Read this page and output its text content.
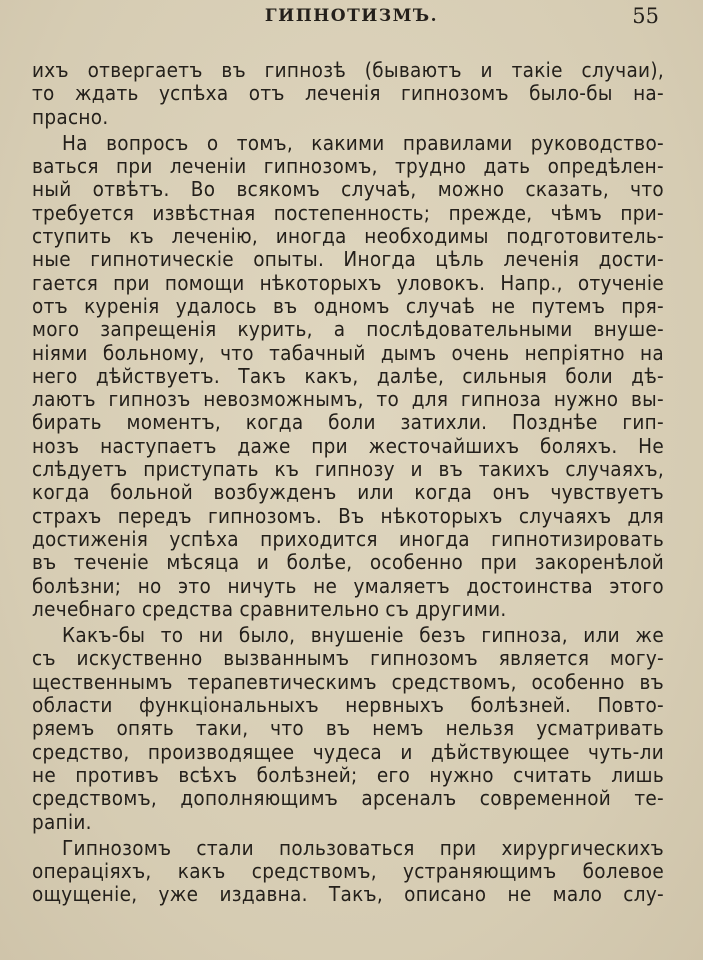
ГИПНОТИЗМЪ.	55
ихъ отвергаетъ въ гипнозѣ (бываютъ и такіе случаи),
то ждать успѣха отъ леченія гипнозомъ было-бы на-
прасно.
На вопросъ о томъ, какими правилами руководство-
ваться при леченіи гипнозомъ, трудно дать опредѣлен-
ный отвѣтъ. Во всякомъ случаѣ, можно сказать, что
требуется извѣстная постепенность; прежде, чѣмъ при-
ступить къ леченію, иногда необходимы подготовитель-
ные гипнотическіе опыты. Иногда цѣль леченія дости-
гается при помощи нѣкоторыхъ уловокъ. Напр., отученіе
отъ куренія удалось въ одномъ случаѣ не путемъ пря-
мого запрещенія курить, а послѣдовательными внуше-
ніями больному, что табачный дымъ очень непріятно на
него дѣйствуетъ. Такъ какъ, далѣе, сильныя боли дѣ-
лаютъ гипнозъ невозможнымъ, то для гипноза нужно вы-
бирать моментъ, когда боли затихли. Позднѣе гип-
нозъ наступаетъ даже при жесточайшихъ боляхъ. Не
слѣдуетъ приступать къ гипнозу и въ такихъ случаяхъ,
когда больной возбужденъ или когда онъ чувствуетъ
страхъ передъ гипнозомъ. Въ нѣкоторыхъ случаяхъ для
достиженія успѣха приходится иногда гипнотизировать
въ теченіе мѣсяца и болѣе, особенно при закоренѣлой
болѣзни; но это ничуть не умаляетъ достоинства этого
лечебнаго средства сравнительно съ другими.
Какъ-бы то ни было, внушеніе безъ гипноза, или же
съ искуственно вызваннымъ гипнозомъ является могу-
щественнымъ терапевтическимъ средствомъ, особенно въ
области функціональныхъ нервныхъ болѣзней. Повто-
ряемъ опять таки, что въ немъ нельзя усматривать
средство, производящее чудеса и дѣйствующее чуть-ли
не противъ всѣхъ болѣзней; его нужно считать лишь
средствомъ, дополняющимъ арсеналъ современной те-
рапіи.
Гипнозомъ стали пользоваться при хирургическихъ
операціяхъ, какъ средствомъ, устраняющимъ болевое
ощущеніе, уже издавна. Такъ, описано не мало слу-
